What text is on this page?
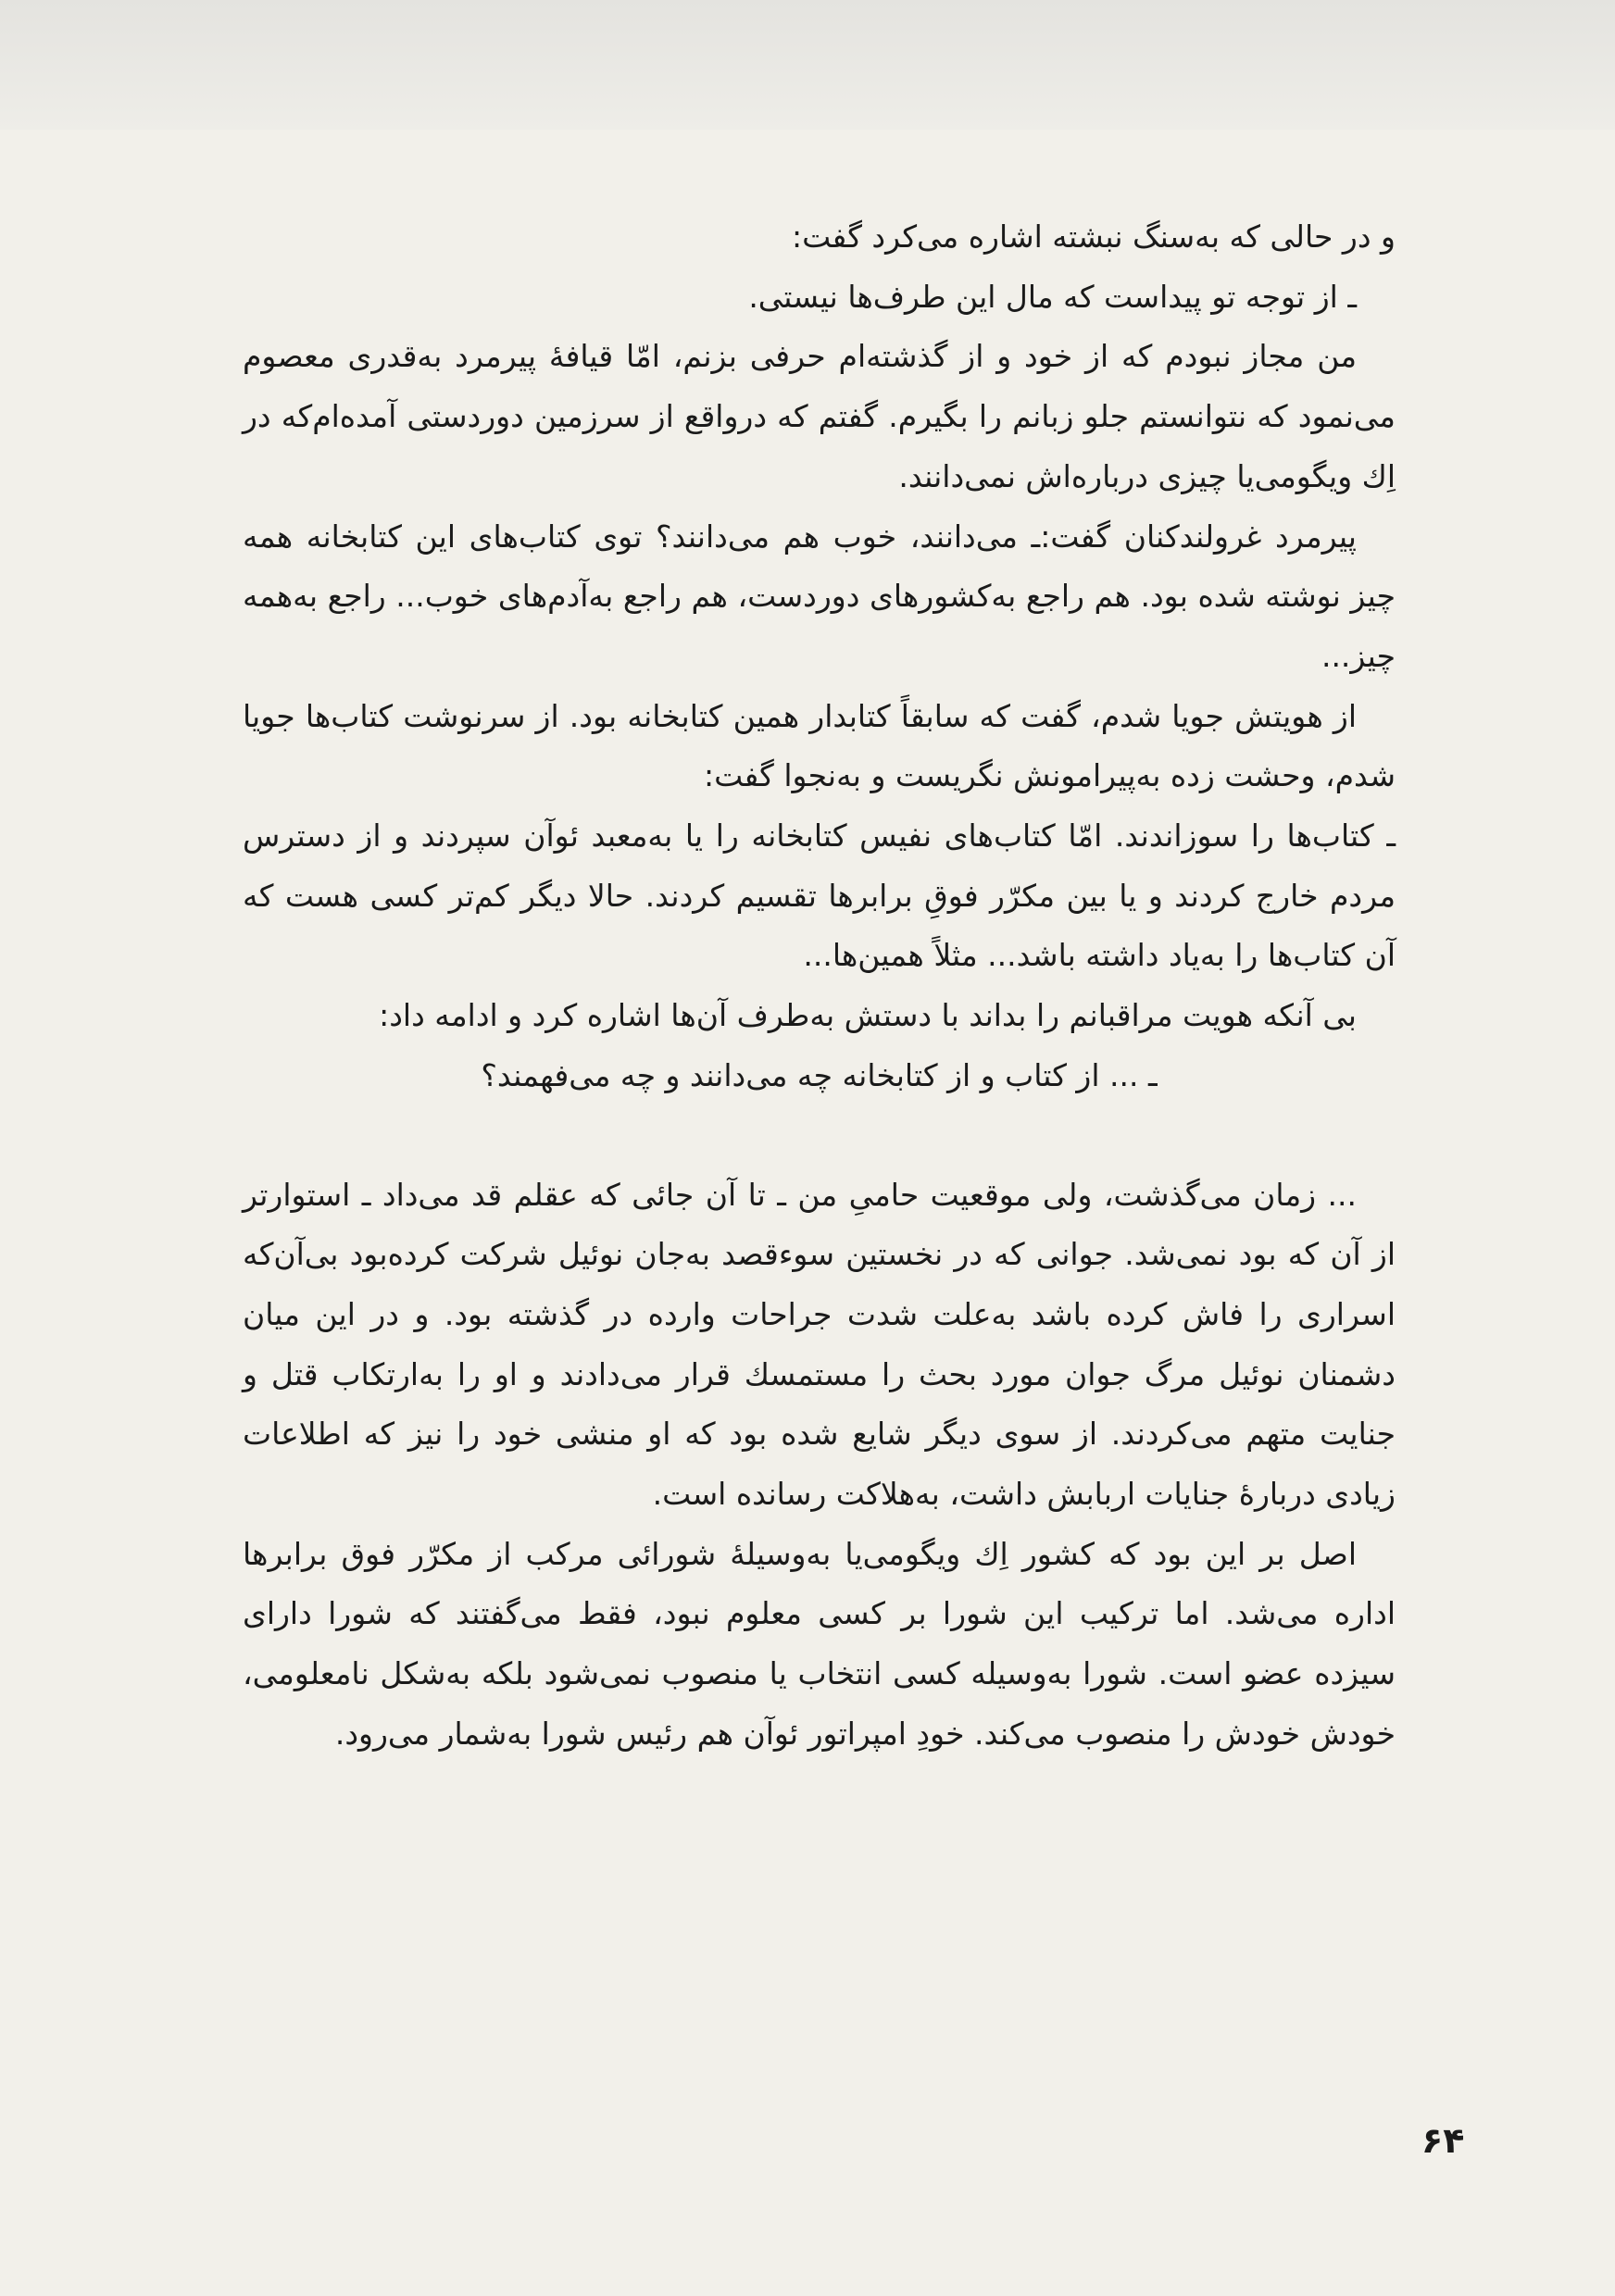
و در حالی که به‌سنگ نبشته اشاره می‌کرد گفت:

ـ از توجه تو پیداست که مال این طرف‌ها نیستی.

من مجاز نبودم که از خود و از گذشته‌ام حرفی بزنم، امّا قیافهٔ پیرمرد به‌قدری معصوم می‌نمود که نتوانستم جلو زبانم را بگیرم. گفتم که درواقع از سرزمین دوردستی آمده‌ام‌که در اِك ویگومی‌یا چیزی درباره‌اش نمی‌دانند.

پیرمرد غرولندکنان گفت:ـ می‌دانند، خوب هم می‌دانند؟ توی کتاب‌های این کتابخانه همه چیز نوشته شده بود. هم راجع به‌کشورهای دوردست، هم راجع به‌آدم‌های خوب... راجع به‌همه چیز...

از هویتش جویا شدم، گفت که سابقاً کتابدار همین کتابخانه بود. از سرنوشت کتاب‌ها جویا شدم، وحشت زده به‌پیرامونش نگریست و به‌نجوا گفت:

ـ کتاب‌ها را سوزاندند. امّا کتاب‌های نفیس کتابخانه را یا به‌معبد ئوآن سپردند و از دسترس مردم خارج کردند و یا بین مکرّر فوقِ برابرها تقسیم کردند. حالا دیگر کم‌تر کسی هست که آن کتاب‌ها را به‌یاد داشته باشد... مثلاً همین‌ها...

بی آنکه هویت مراقبانم را بداند با دستش به‌طرف آن‌ها اشاره کرد و ادامه داد:

ـ ... از کتاب و از کتابخانه چه می‌دانند و چه می‌فهمند؟

... زمان می‌گذشت، ولی موقعیت حامیِ من ـ تا آن جائی که عقلم قد می‌داد ـ استوارتر از آن که بود نمی‌شد. جوانی که در نخستین سوءقصد به‌جان نوئیل شرکت کرده‌بود بی‌آن‌که اسراری را فاش کرده باشد به‌علت شدت جراحات وارده در گذشته بود. و در این میان دشمنان نوئیل مرگ جوان مورد بحث را مستمسك قرار می‌دادند و او را به‌ارتکاب قتل و جنایت متهم می‌کردند. از سوی دیگر شایع شده بود که او منشی خود را نیز که اطلاعات زیادی دربارهٔ جنایات اربابش داشت، به‌هلاکت رسانده است.

اصل بر این بود که کشور اِك ویگومی‌یا به‌وسیلهٔ شورائی مرکب از مکرّر فوق برابرها اداره می‌شد. اما ترکیب این شورا بر کسی معلوم نبود، فقط می‌گفتند که شورا دارای سیزده عضو است. شورا به‌وسیله کسی انتخاب یا منصوب نمی‌شود بلکه به‌شکل نامعلومی، خودش خودش را منصوب می‌کند. خودِ امپراتور ئوآن هم رئیس شورا به‌شمار می‌رود.

۶۴
